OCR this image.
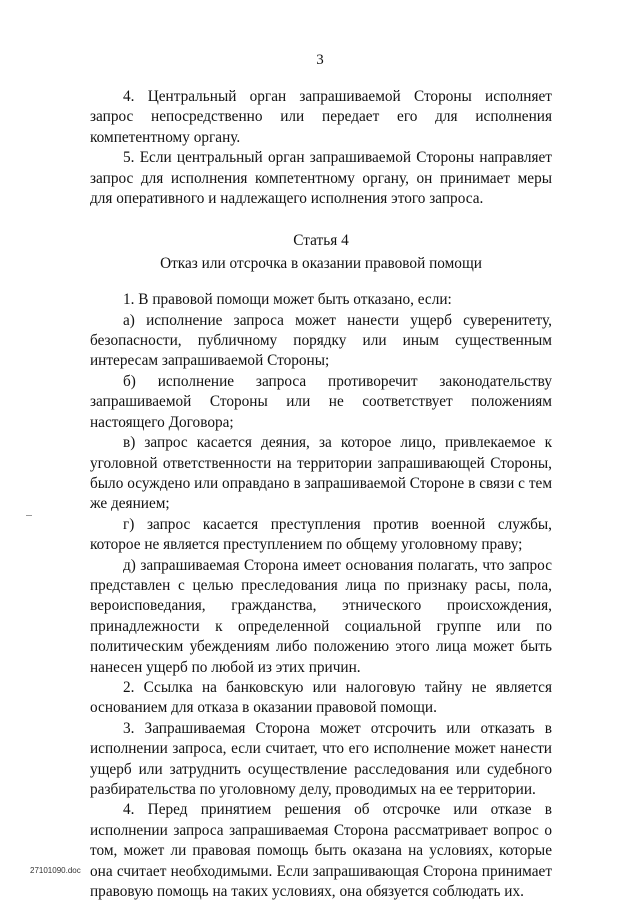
3

4. Центральный орган запрашиваемой Стороны исполняет запрос непосредственно или передает его для исполнения компетентному органу.

5. Если центральный орган запрашиваемой Стороны направляет запрос для исполнения компетентному органу, он принимает меры для оперативного и надлежащего исполнения этого запроса.

Статья 4
Отказ или отсрочка в оказании правовой помощи

1. В правовой помощи может быть отказано, если:

а) исполнение запроса может нанести ущерб суверенитету, безопасности, публичному порядку или иным существенным интересам запрашиваемой Стороны;

б) исполнение запроса противоречит законодательству запрашиваемой Стороны или не соответствует положениям настоящего Договора;

в) запрос касается деяния, за которое лицо, привлекаемое к уголовной ответственности на территории запрашивающей Стороны, было осуждено или оправдано в запрашиваемой Стороне в связи с тем же деянием;

г) запрос касается преступления против военной службы, которое не является преступлением по общему уголовному праву;

д) запрашиваемая Сторона имеет основания полагать, что запрос представлен с целью преследования лица по признаку расы, пола, вероисповедания, гражданства, этнического происхождения, принадлежности к определенной социальной группе или по политическим убеждениям либо положению этого лица может быть нанесен ущерб по любой из этих причин.

2. Ссылка на банковскую или налоговую тайну не является основанием для отказа в оказании правовой помощи.

3. Запрашиваемая Сторона может отсрочить или отказать в исполнении запроса, если считает, что его исполнение может нанести ущерб или затруднить осуществление расследования или судебного разбирательства по уголовному делу, проводимых на ее территории.

4. Перед принятием решения об отсрочке или отказе в исполнении запроса запрашиваемая Сторона рассматривает вопрос о том, может ли правовая помощь быть оказана на условиях, которые она считает необходимыми. Если запрашивающая Сторона принимает правовую помощь на таких условиях, она обязуется соблюдать их.

27101090.doc
